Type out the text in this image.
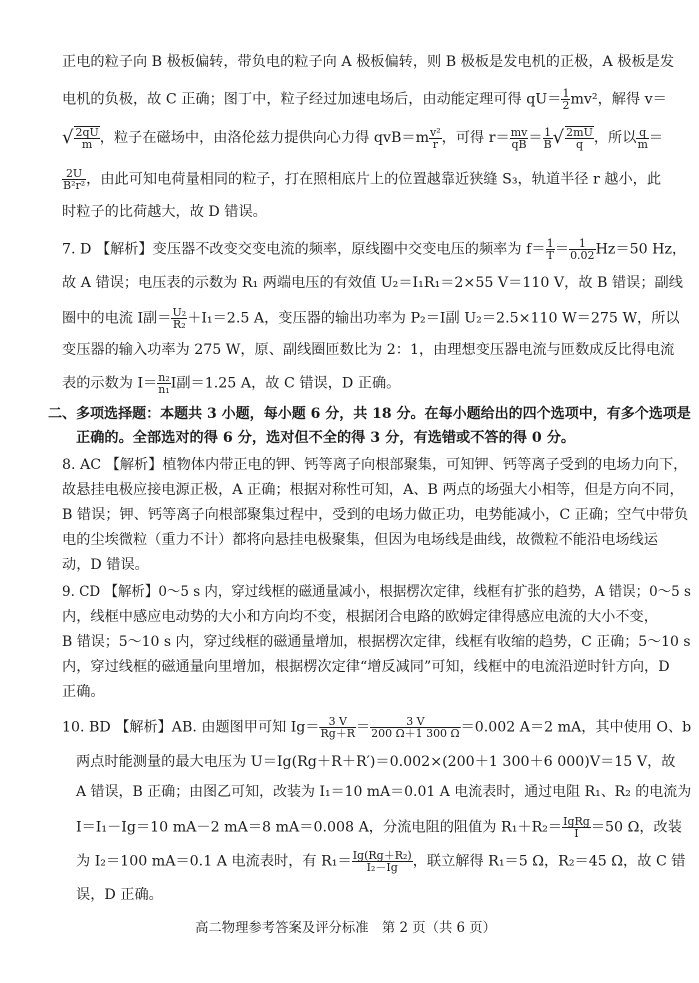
正电的粒子向 B 极板偏转，带负电的粒子向 A 极板偏转，则 B 极板是发电机的正极，A 极板是发
电机的负极，故 C 正确；图丁中，粒子经过加速电场后，由动能定理可得 $qU= \frac{1}{2} mv^2$，解得 v＝
√ $\frac{2qU}{m}$ ，粒子在磁场中，由洛伦兹力提供向心力得 $qvB=m \frac{\text{v²}}{r}$ ，可得 $r= \frac{mv}{qB} = \frac{1}{B}$ √ $\frac{2mU}{q}$ ，所以 $\frac{q}{m}$ ＝
$\frac{2U}{\text{B²r²}}$ ，由此可知电荷量相同的粒子，打在照相底片上的位置越靠近狭缝 S₃，轨道半径 r 越小，此
时粒子的比荷越大，故 D 错误。
7. D 【解析】变压器不改变交变电流的频率，原线圈中交变电压的频率为 $f= \frac{1}{T} = \frac{1}{0.02} Hz=50$ Hz，
故 A 错误；电压表的示数为 R₁ 两端电压的有效值 U₂＝I₁R₁＝2×55 V＝110 V，故 B 错误；副线
圈中的电流 I副＝ $\frac{\text{U₂}}{\text{R₂}} +I_1=2.5$ A，变压器的输出功率为 P₂＝I副 U₂＝2.5×110 W＝275 W，所以
变压器的输入功率为 275 W，原、副线圈匝数比为 2：1，由理想变压器电流与匝数成反比得电流
表的示数为 $I= \frac{\text{n₂}}{\text{n₁}}$ I副＝1.25 A，故 C 错误，D 正确。
二、多项选择题：本题共 3 小题，每小题 6 分，共 18 分。在每小题给出的四个选项中，有多个选项是
正确的。全部选对的得 6 分，选对但不全的得 3 分，有选错或不答的得 0 分。
8. AC 【解析】植物体内带正电的钾、钙等离子向根部聚集，可知钾、钙等离子受到的电场力向下，
故悬挂电极应接电源正极，A 正确；根据对称性可知，A、B 两点的场强大小相等，但是方向不同，
B 错误；钾、钙等离子向根部聚集过程中，受到的电场力做正功，电势能减小，C 正确；空气中带负
电的尘埃微粒（重力不计）都将向悬挂电极聚集，但因为电场线是曲线，故微粒不能沿电场线运
动，D 错误。
9. CD 【解析】0～5 s 内，穿过线框的磁通量减小，根据楞次定律，线框有扩张的趋势，A 错误；0～5 s
内，线框中感应电动势的大小和方向均不变，根据闭合电路的欧姆定律得感应电流的大小不变，
B 错误；5～10 s 内，穿过线框的磁通量增加，根据楞次定律，线框有收缩的趋势，C 正确；5～10 s
内，穿过线框的磁通量向里增加，根据楞次定律“增反减同”可知，线框中的电流沿逆时针方向，D
正确。
10. BD 【解析】AB. 由题图甲可知 $Ig= \frac{3 V}{Rg+R} = \frac{3 V}{200 \Omega+1 300 \Omega} =0.002$ A＝2 mA，其中使用 O、b
两点时能测量的最大电压为 U＝Ig(Rg＋R＋R′)＝0.002×(200＋1 300＋6 000)V＝15 V，故
A 错误，B 正确；由图乙可知，改装为 I₁＝10 mA＝0.01 A 电流表时，通过电阻 R₁、R₂ 的电流为
I＝I₁－Ig＝10 mA－2 mA＝8 mA＝0.008 A，分流电阻的阻值为 $R_1+R_2= \frac{\text{IgRg}}{I} =50$ Ω，改装
为 I₂＝100 mA＝0.1 A 电流表时，有 $R_1= \frac{\text{Ig(Rg＋R₂)}}{\text{I₂－Ig}}$ ，联立解得 R₁＝5 Ω，R₂＝45 Ω，故 C 错
误，D 正确。
高二物理参考答案及评分标准　第 2 页（共 6 页）
